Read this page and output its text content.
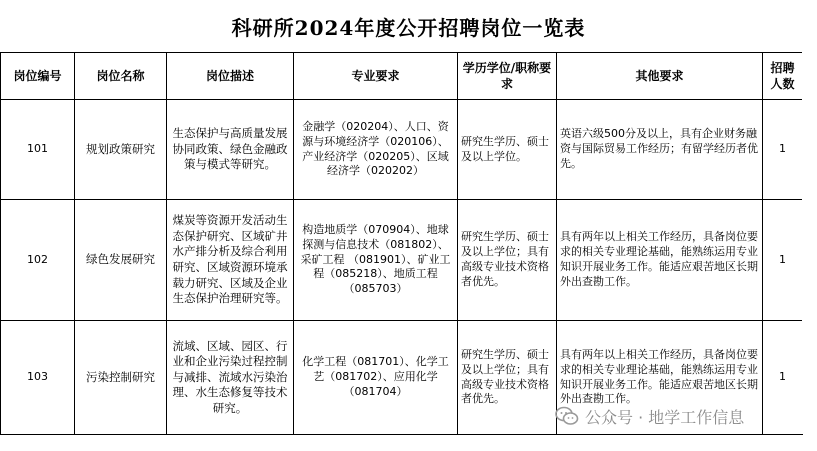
科研所2024年度公开招聘岗位一览表
岗位编号	岗位名称	岗位描述	专业要求	学历学位/职称要求	其他要求	招聘人数
101	规划政策研究	生态保护与高质量发展协同政策、绿色金融政策与模式等研究。	金融学（020204）、人口、资源与环境经济学（020106）、产业经济学（020205）、区域经济学（020202）	研究生学历、硕士及以上学位。	英语六级500分及以上，具有企业财务融资与国际贸易工作经历；有留学经历者优先。	1
102	绿色发展研究	煤炭等资源开发活动生态保护研究、区域矿井水产排分析及综合利用研究、区域资源环境承载力研究、区域及企业生态保护治理研究等。	构造地质学（070904）、地球探测与信息技术（081802）、采矿工程 （081901）、矿业工程（085218）、地质工程（085703）	研究生学历、硕士及以上学位；具有高级专业技术资格者优先。	具有两年以上相关工作经历，具备岗位要求的相关专业理论基础，能熟练运用专业知识开展业务工作。能适应艰苦地区长期外出查勘工作。	1
103	污染控制研究	流域、区域、园区、行业和企业污染过程控制与减排、流域水污染治理、水生态修复等技术研究。	化学工程（081701）、化学工艺（081702）、应用化学（081704）	研究生学历、硕士及以上学位；具有高级专业技术资格者优先。	具有两年以上相关工作经历，具备岗位要求的相关专业理论基础，能熟练运用专业知识开展业务工作。能适应艰苦地区长期外出查勘工作。	1
公众号 · 地学工作信息
